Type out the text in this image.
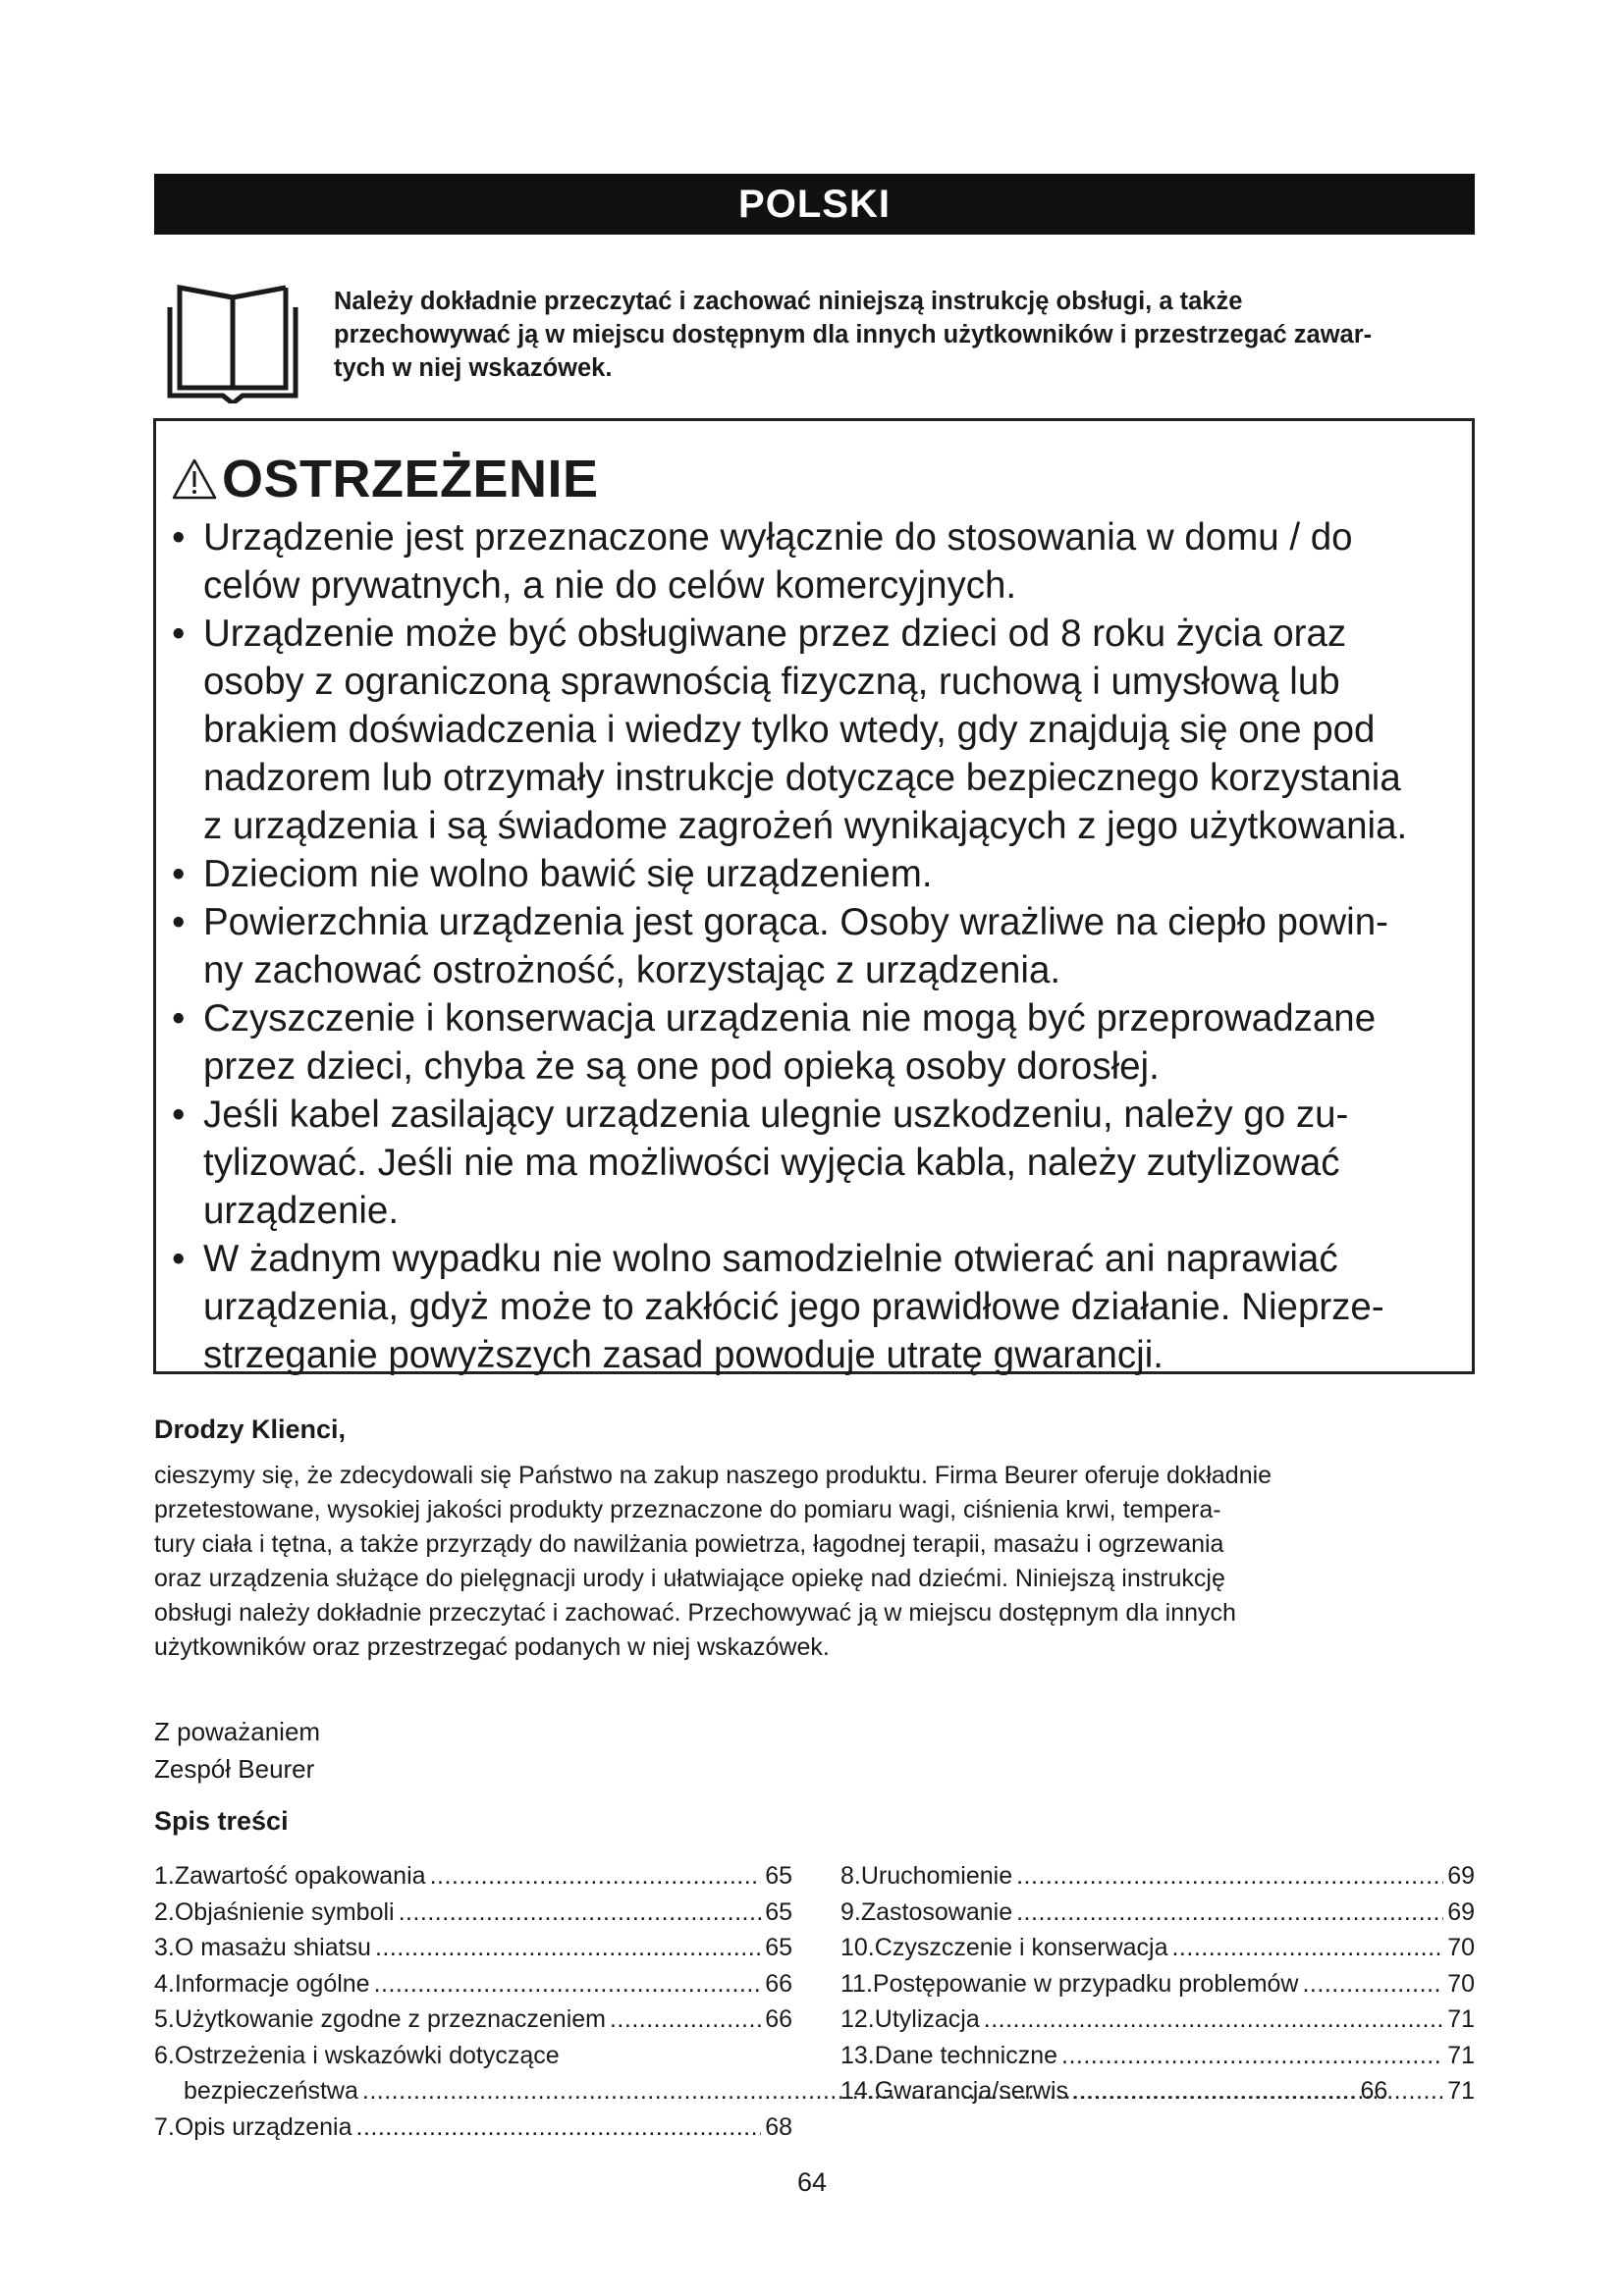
POLSKI
Należy dokładnie przeczytać i zachować niniejszą instrukcję obsługi, a także
przechowywać ją w miejscu dostępnym dla innych użytkowników i przestrzegać zawar-
tych w niej wskazówek.
OSTRZEŻENIE
• Urządzenie jest przeznaczone wyłącznie do stosowania w domu / do
celów prywatnych, a nie do celów komercyjnych.
• Urządzenie może być obsługiwane przez dzieci od 8 roku życia oraz
osoby z ograniczoną sprawnością fizyczną, ruchową i umysłową lub
brakiem doświadczenia i wiedzy tylko wtedy, gdy znajdują się one pod
nadzorem lub otrzymały instrukcje dotyczące bezpiecznego korzystania
z urządzenia i są świadome zagrożeń wynikających z jego użytkowania.
• Dzieciom nie wolno bawić się urządzeniem.
• Powierzchnia urządzenia jest gorąca. Osoby wrażliwe na ciepło powin-
ny zachować ostrożność, korzystając z urządzenia.
• Czyszczenie i konserwacja urządzenia nie mogą być przeprowadzane
przez dzieci, chyba że są one pod opieką osoby dorosłej.
• Jeśli kabel zasilający urządzenia ulegnie uszkodzeniu, należy go zu-
tylizować. Jeśli nie ma możliwości wyjęcia kabla, należy zutylizować
urządzenie.
• W żadnym wypadku nie wolno samodzielnie otwierać ani naprawiać
urządzenia, gdyż może to zakłócić jego prawidłowe działanie. Nieprze-
strzeganie powyższych zasad powoduje utratę gwarancji.
Drodzy Klienci,
cieszymy się, że zdecydowali się Państwo na zakup naszego produktu. Firma Beurer oferuje dokładnie
przetestowane, wysokiej jakości produkty przeznaczone do pomiaru wagi, ciśnienia krwi, tempera-
tury ciała i tętna, a także przyrządy do nawilżania powietrza, łagodnej terapii, masażu i ogrzewania
oraz urządzenia służące do pielęgnacji urody i ułatwiające opiekę nad dziećmi. Niniejszą instrukcję
obsługi należy dokładnie przeczytać i zachować. Przechowywać ją w miejscu dostępnym dla innych
użytkowników oraz przestrzegać podanych w niej wskazówek.
Z poważaniem
Zespół Beurer
Spis treści
1. Zawartość opakowania .....	65
2. Objaśnienie symboli .....	65
3. O masażu shiatsu .....	65
4. Informacje ogólne .....	66
5. Użytkowanie zgodne z przeznaczeniem .....	66
6. Ostrzeżenia i wskazówki dotyczące
bezpieczeństwa .....	66
7. Opis urządzenia .....	68
8. Uruchomienie .....	69
9. Zastosowanie .....	69
10. Czyszczenie i konserwacja .....	70
11. Postępowanie w przypadku problemów .....	70
12. Utylizacja .....	71
13. Dane techniczne .....	71
14. Gwarancja/serwis .....	71
64
